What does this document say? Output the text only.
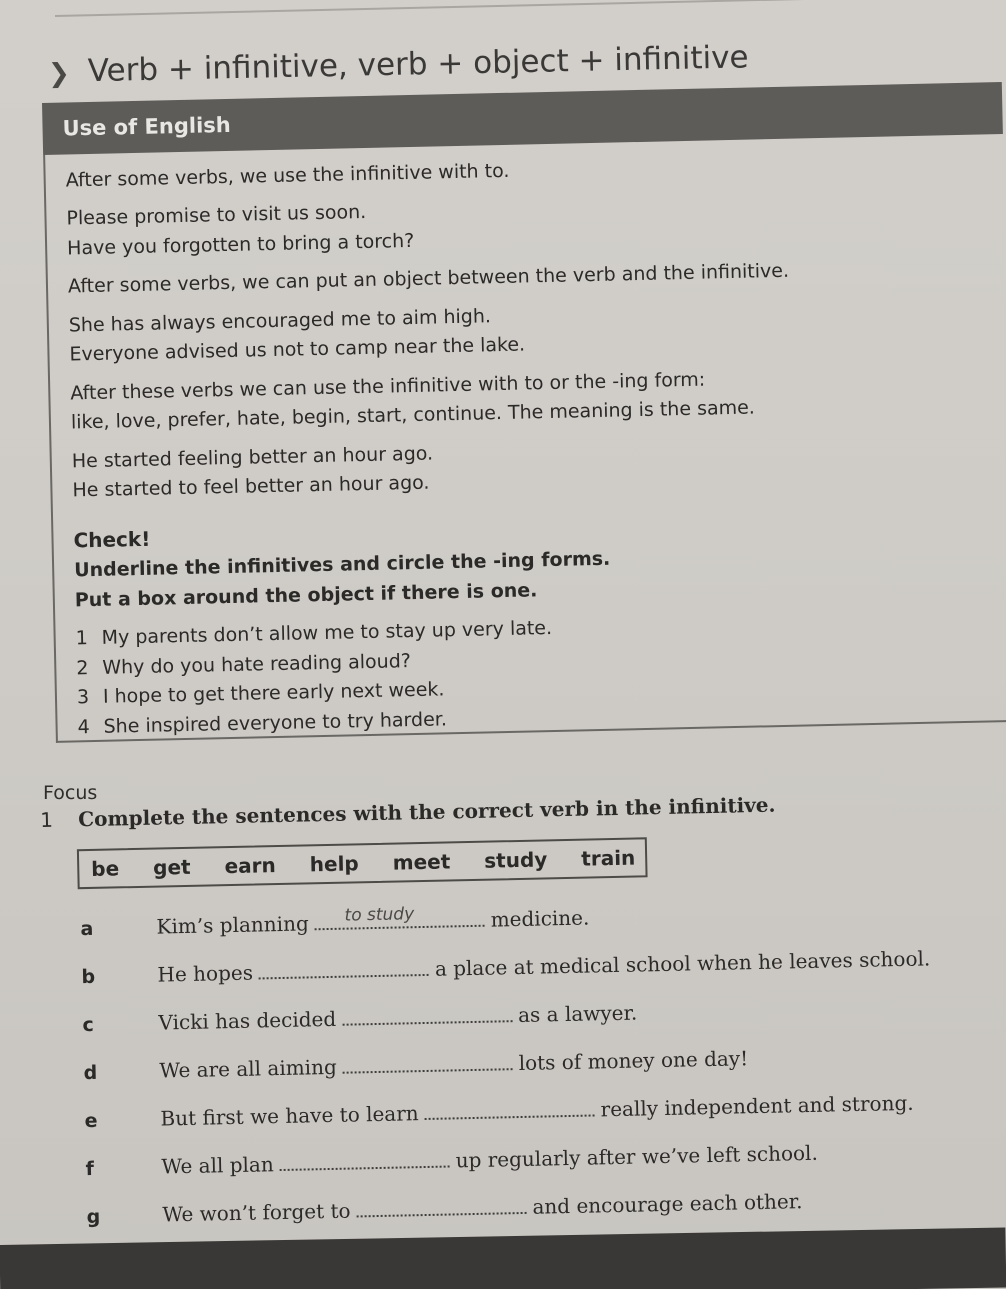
❯ Verb + infinitive, verb + object + infinitive
Use of English

After some verbs, we use the infinitive with to.

Please promise to visit us soon.

Have you forgotten to bring a torch?

After some verbs, we can put an object between the verb and the infinitive.

She has always encouraged me to aim high.

Everyone advised us not to camp near the lake.

After these verbs we can use the infinitive with to or the -ing form:

like, love, prefer, hate, begin, start, continue. The meaning is the same.

He started feeling better an hour ago.

He started to feel better an hour ago.

Check!

Underline the infinitives and circle the -ing forms.

Put a box around the object if there is one.

1 My parents don’t allow me to stay up very late.

2 Why do you hate reading aloud?

3 I hope to get there early next week.

4 She inspired everyone to try harder.

Focus
1 Complete the sentences with the correct verb in the infinitive.
be get earn help meet study train
a	Kim’s planning to study	medicine.
b	He hopes	a place at medical school when he leaves school.
c	Vicki has decided	as a lawyer.
d	We are all aiming	lots of money one day!
e	But first we have to learn	really independent and strong.
f	We all plan	up regularly after we’ve left school.
g	We won’t forget to	and encourage each other.
